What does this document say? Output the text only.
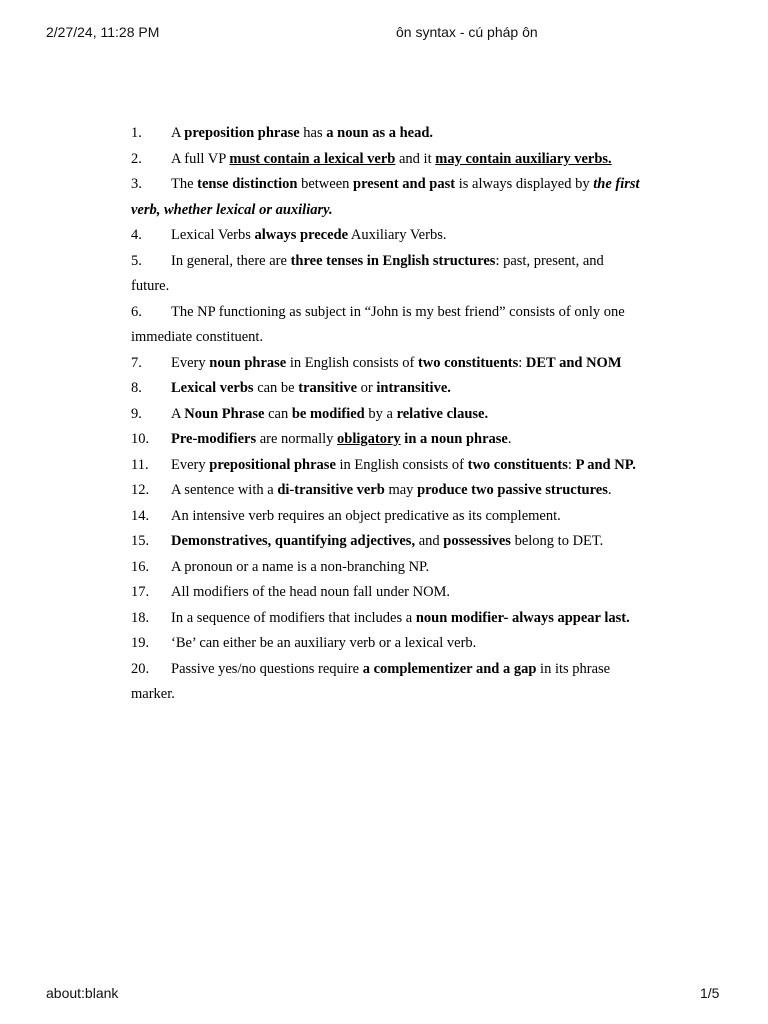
2/27/24, 11:28 PM	ôn syntax - cú pháp ôn
1. A preposition phrase has a noun as a head.
2. A full VP must contain a lexical verb and it may contain auxiliary verbs.
3. The tense distinction between present and past is always displayed by the first verb, whether lexical or auxiliary.
4. Lexical Verbs always precede Auxiliary Verbs.
5. In general, there are three tenses in English structures: past, present, and future.
6. The NP functioning as subject in “John is my best friend” consists of only one immediate constituent.
7. Every noun phrase in English consists of two constituents: DET and NOM
8. Lexical verbs can be transitive or intransitive.
9. A Noun Phrase can be modified by a relative clause.
10. Pre-modifiers are normally obligatory in a noun phrase.
11. Every prepositional phrase in English consists of two constituents: P and NP.
12. A sentence with a di-transitive verb may produce two passive structures.
14. An intensive verb requires an object predicative as its complement.
15. Demonstratives, quantifying adjectives, and possessives belong to DET.
16. A pronoun or a name is a non-branching NP.
17. All modifiers of the head noun fall under NOM.
18. In a sequence of modifiers that includes a noun modifier- always appear last.
19. ‘Be’ can either be an auxiliary verb or a lexical verb.
20. Passive yes/no questions require a complementizer and a gap in its phrase marker.
about:blank	1/5
